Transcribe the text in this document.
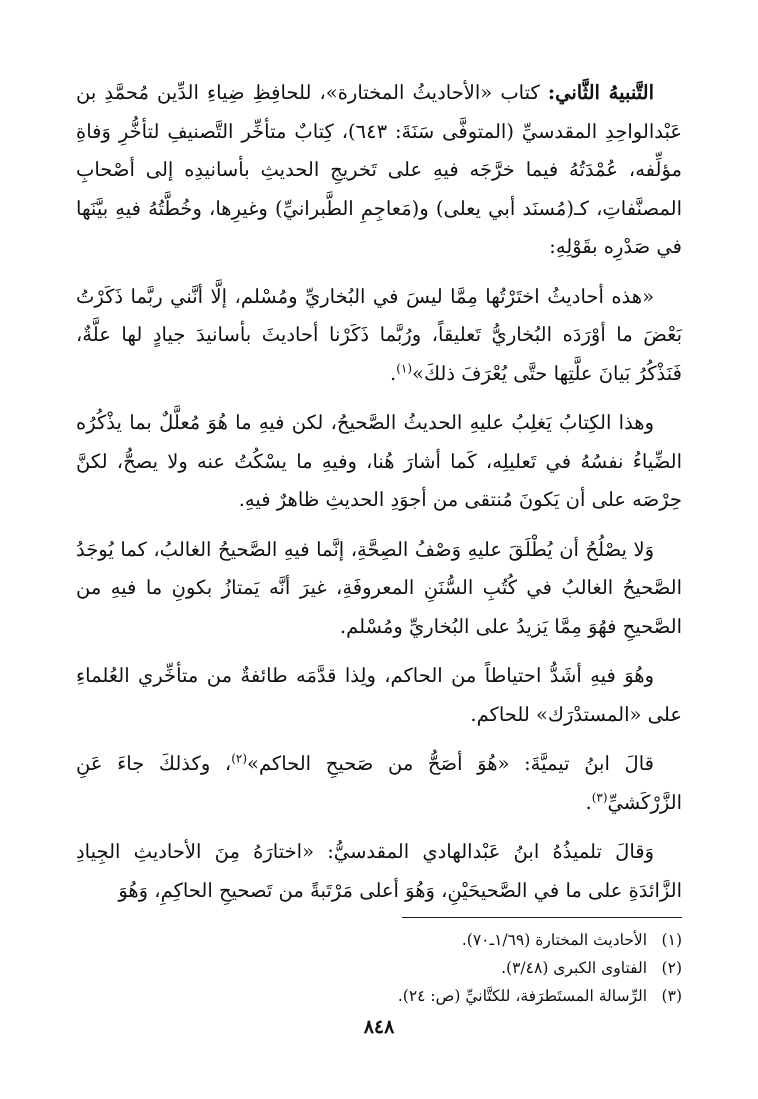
التَّنبيهُ الثَّاني: كتاب «الأحاديثُ المختارة»، للحافِظِ ضِياءِ الدِّين مُحمَّدِ بن عَبْدالواحِدِ المقدسيِّ (المتوفَّى سَنَةَ: ٦٤٣)، كِتابٌ متأخِّر التَّصنيفِ لتأخُّرِ وَفاةِ مؤلِّفه، عُمْدَتُهُ فيما خرَّجَه فيهِ على تَخريجِ الحديثِ بأسانيدِه إلى أصْحابِ المصنَّفاتِ، كـ(مُسنَد أبي يعلى) و(مَعاجِمِ الطَّبرانيِّ) وغيرِها، وخُطَّتُهُ فيهِ بيَّنَها في صَدْرِه بقَوْلِهِ:

«هذه أحاديثُ اختَرْتُها مِمَّا ليسَ في البُخاريِّ ومُسْلم، إلَّا أنَّني ربَّما ذَكَرْتُ بَعْضَ ما أوْرَدَه البُخاريُّ تَعليقاً، ورُبَّما ذَكَرْنا أحاديثَ بأسانيدَ جيادٍ لها علَّةٌ، فَنَذْكُرُ بَيانَ علَّتِها حتَّى يُعْرَفَ ذلكَ»$^{(١)}$.

وهذا الكِتابُ يَغلِبُ عليهِ الحديثُ الصَّحيحُ، لكن فيهِ ما هُوَ مُعلَّلٌ بما يذْكُرُه الضِّياءُ نفسُهُ في تَعليلِه، كَما أشارَ هُنا، وفيهِ ما يسْكُتُ عنه ولا يصحُّ، لكنَّ حِرْصَه على أن يَكونَ مُنتقى من أجوَدِ الحديثِ ظاهرٌ فيهِ.

وَلا يصْلُحُ أن يُطْلَقَ عليهِ وَصْفُ الصِحَّةِ، إنَّما فيهِ الصَّحيحُ الغالبُ، كما يُوجَدُ الصَّحيحُ الغالبُ في كُتُبِ السُّنَنِ المعروفَةِ، غيرَ أنَّه يَمتازُ بكونِ ما فيهِ من الصَّحيحِ فهُوَ مِمَّا يَزيدُ على البُخاريِّ ومُسْلم.

وهُوَ فيهِ أشَدُّ احتياطاً من الحاكم، ولِذا قدَّمَه طائفةٌ من متأخِّري العُلماءِ على «المستدْرَك» للحاكم.

قالَ ابنُ تيميَّةَ: «هُوَ أصَحُّ من صَحيحِ الحاكم»$^{(٢)}$، وكذلكَ جاءَ عَنِ الزَّرْكَشيِّ$^{(٣)}$.

وَقالَ تلميذُهُ ابنُ عَبْدالهادي المقدسيُّ: «اختارَهُ مِنَ الأحاديثِ الجِيادِ الزَّائدَةِ على ما في الصَّحيحَيْنِ، وَهُوَ أعلى مَرْتَبةً من تَصحيحِ الحاكِمِ، وَهُوَ

(١) الأحاديث المختارة (١/٦٩ـ٧٠).
(٢) الفتاوى الكبرى (٣/٤٨).
(٣) الرِّسالة المستَطرَفة، للكتَّانيِّ (ص: ٢٤).
٨٤٨
